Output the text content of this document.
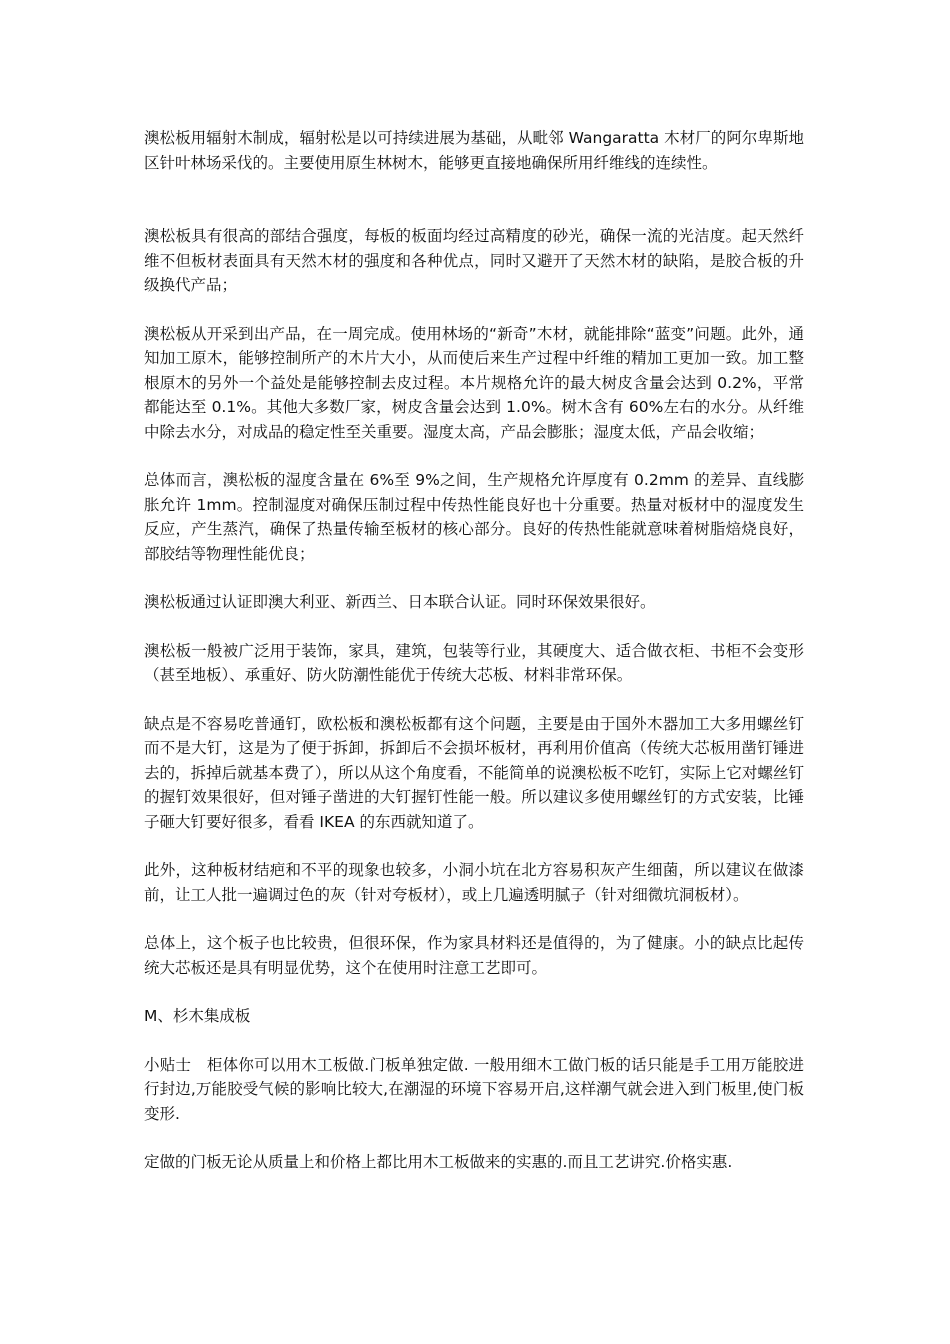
澳松板用辐射木制成，辐射松是以可持续进展为基础，从毗邻 Wangaratta 木材厂的阿尔卑斯地区针叶林场采伐的。主要使用原生林树木，能够更直接地确保所用纤维线的连续性。

澳松板具有很高的部结合强度，每板的板面均经过高精度的砂光，确保一流的光洁度。起天然纤维不但板材表面具有天然木材的强度和各种优点，同时又避开了天然木材的缺陷，是胶合板的升级换代产品；

澳松板从开采到出产品，在一周完成。使用林场的“新奇”木材，就能排除“蓝变”问题。此外，通知加工原木，能够控制所产的木片大小，从而使后来生产过程中纤维的精加工更加一致。加工整根原木的另外一个益处是能够控制去皮过程。本片规格允许的最大树皮含量会达到 0.2%，平常都能达至 0.1%。其他大多数厂家，树皮含量会达到 1.0%。树木含有 60%左右的水分。从纤维中除去水分，对成品的稳定性至关重要。湿度太高，产品会膨胀；湿度太低，产品会收缩；

总体而言，澳松板的湿度含量在 6%至 9%之间，生产规格允许厚度有 0.2mm 的差异、直线膨胀允许 1mm。控制湿度对确保压制过程中传热性能良好也十分重要。热量对板材中的湿度发生反应，产生蒸汽，确保了热量传输至板材的核心部分。良好的传热性能就意味着树脂焙烧良好，部胶结等物理性能优良；

澳松板通过认证即澳大利亚、新西兰、日本联合认证。同时环保效果很好。

澳松板一般被广泛用于装饰，家具，建筑，包装等行业，其硬度大、适合做衣柜、书柜不会变形（甚至地板）、承重好、防火防潮性能优于传统大芯板、材料非常环保。

缺点是不容易吃普通钉，欧松板和澳松板都有这个问题，主要是由于国外木器加工大多用螺丝钉而不是大钉，这是为了便于拆卸，拆卸后不会损坏板材，再利用价值高（传统大芯板用凿钉锤进去的，拆掉后就基本费了），所以从这个角度看，不能简单的说澳松板不吃钉，实际上它对螺丝钉的握钉效果很好，但对锤子凿进的大钉握钉性能一般。所以建议多使用螺丝钉的方式安装，比锤子砸大钉要好很多，看看 IKEA 的东西就知道了。

此外，这种板材结疤和不平的现象也较多，小洞小坑在北方容易积灰产生细菌，所以建议在做漆前，让工人批一遍调过色的灰（针对夸板材），或上几遍透明腻子（针对细微坑洞板材）。

总体上，这个板子也比较贵，但很环保，作为家具材料还是值得的，为了健康。小的缺点比起传统大芯板还是具有明显优势，这个在使用时注意工艺即可。

M、杉木集成板

小贴士　柜体你可以用木工板做.门板单独定做. 一般用细木工做门板的话只能是手工用万能胶进行封边,万能胶受气候的影响比较大,在潮湿的环境下容易开启,这样潮气就会进入到门板里,使门板变形.

定做的门板无论从质量上和价格上都比用木工板做来的实惠的.而且工艺讲究.价格实惠.
